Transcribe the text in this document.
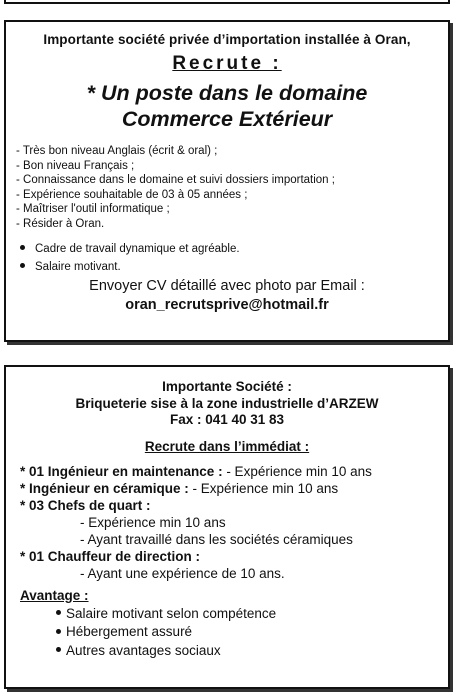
Importante société privée d’importation installée à Oran,
Recrute :
* Un poste dans le domaine
Commerce Extérieur
- Très bon niveau Anglais (écrit & oral) ;
- Bon niveau Français ;
- Connaissance dans le domaine et suivi dossiers importation ;
- Expérience souhaitable de 03 à 05 années ;
- Maîtriser l'outil informatique ;
- Résider à Oran.
Cadre de travail dynamique et agréable.
Salaire motivant.
Envoyer CV détaillé avec photo par Email :
oran_recrutsprive@hotmail.fr
Importante Société :
Briqueterie sise à la zone industrielle d’ARZEW
Fax : 041 40 31 83
Recrute dans l’immédiat :
* 01 Ingénieur en maintenance : - Expérience min 10 ans
* Ingénieur en céramique : - Expérience min 10 ans
* 03 Chefs de quart :
- Expérience min 10 ans
- Ayant travaillé dans les sociétés céramiques
* 01 Chauffeur de direction :
- Ayant une expérience de 10 ans.
Avantage :
Salaire motivant selon compétence
Hébergement assuré
Autres avantages sociaux
